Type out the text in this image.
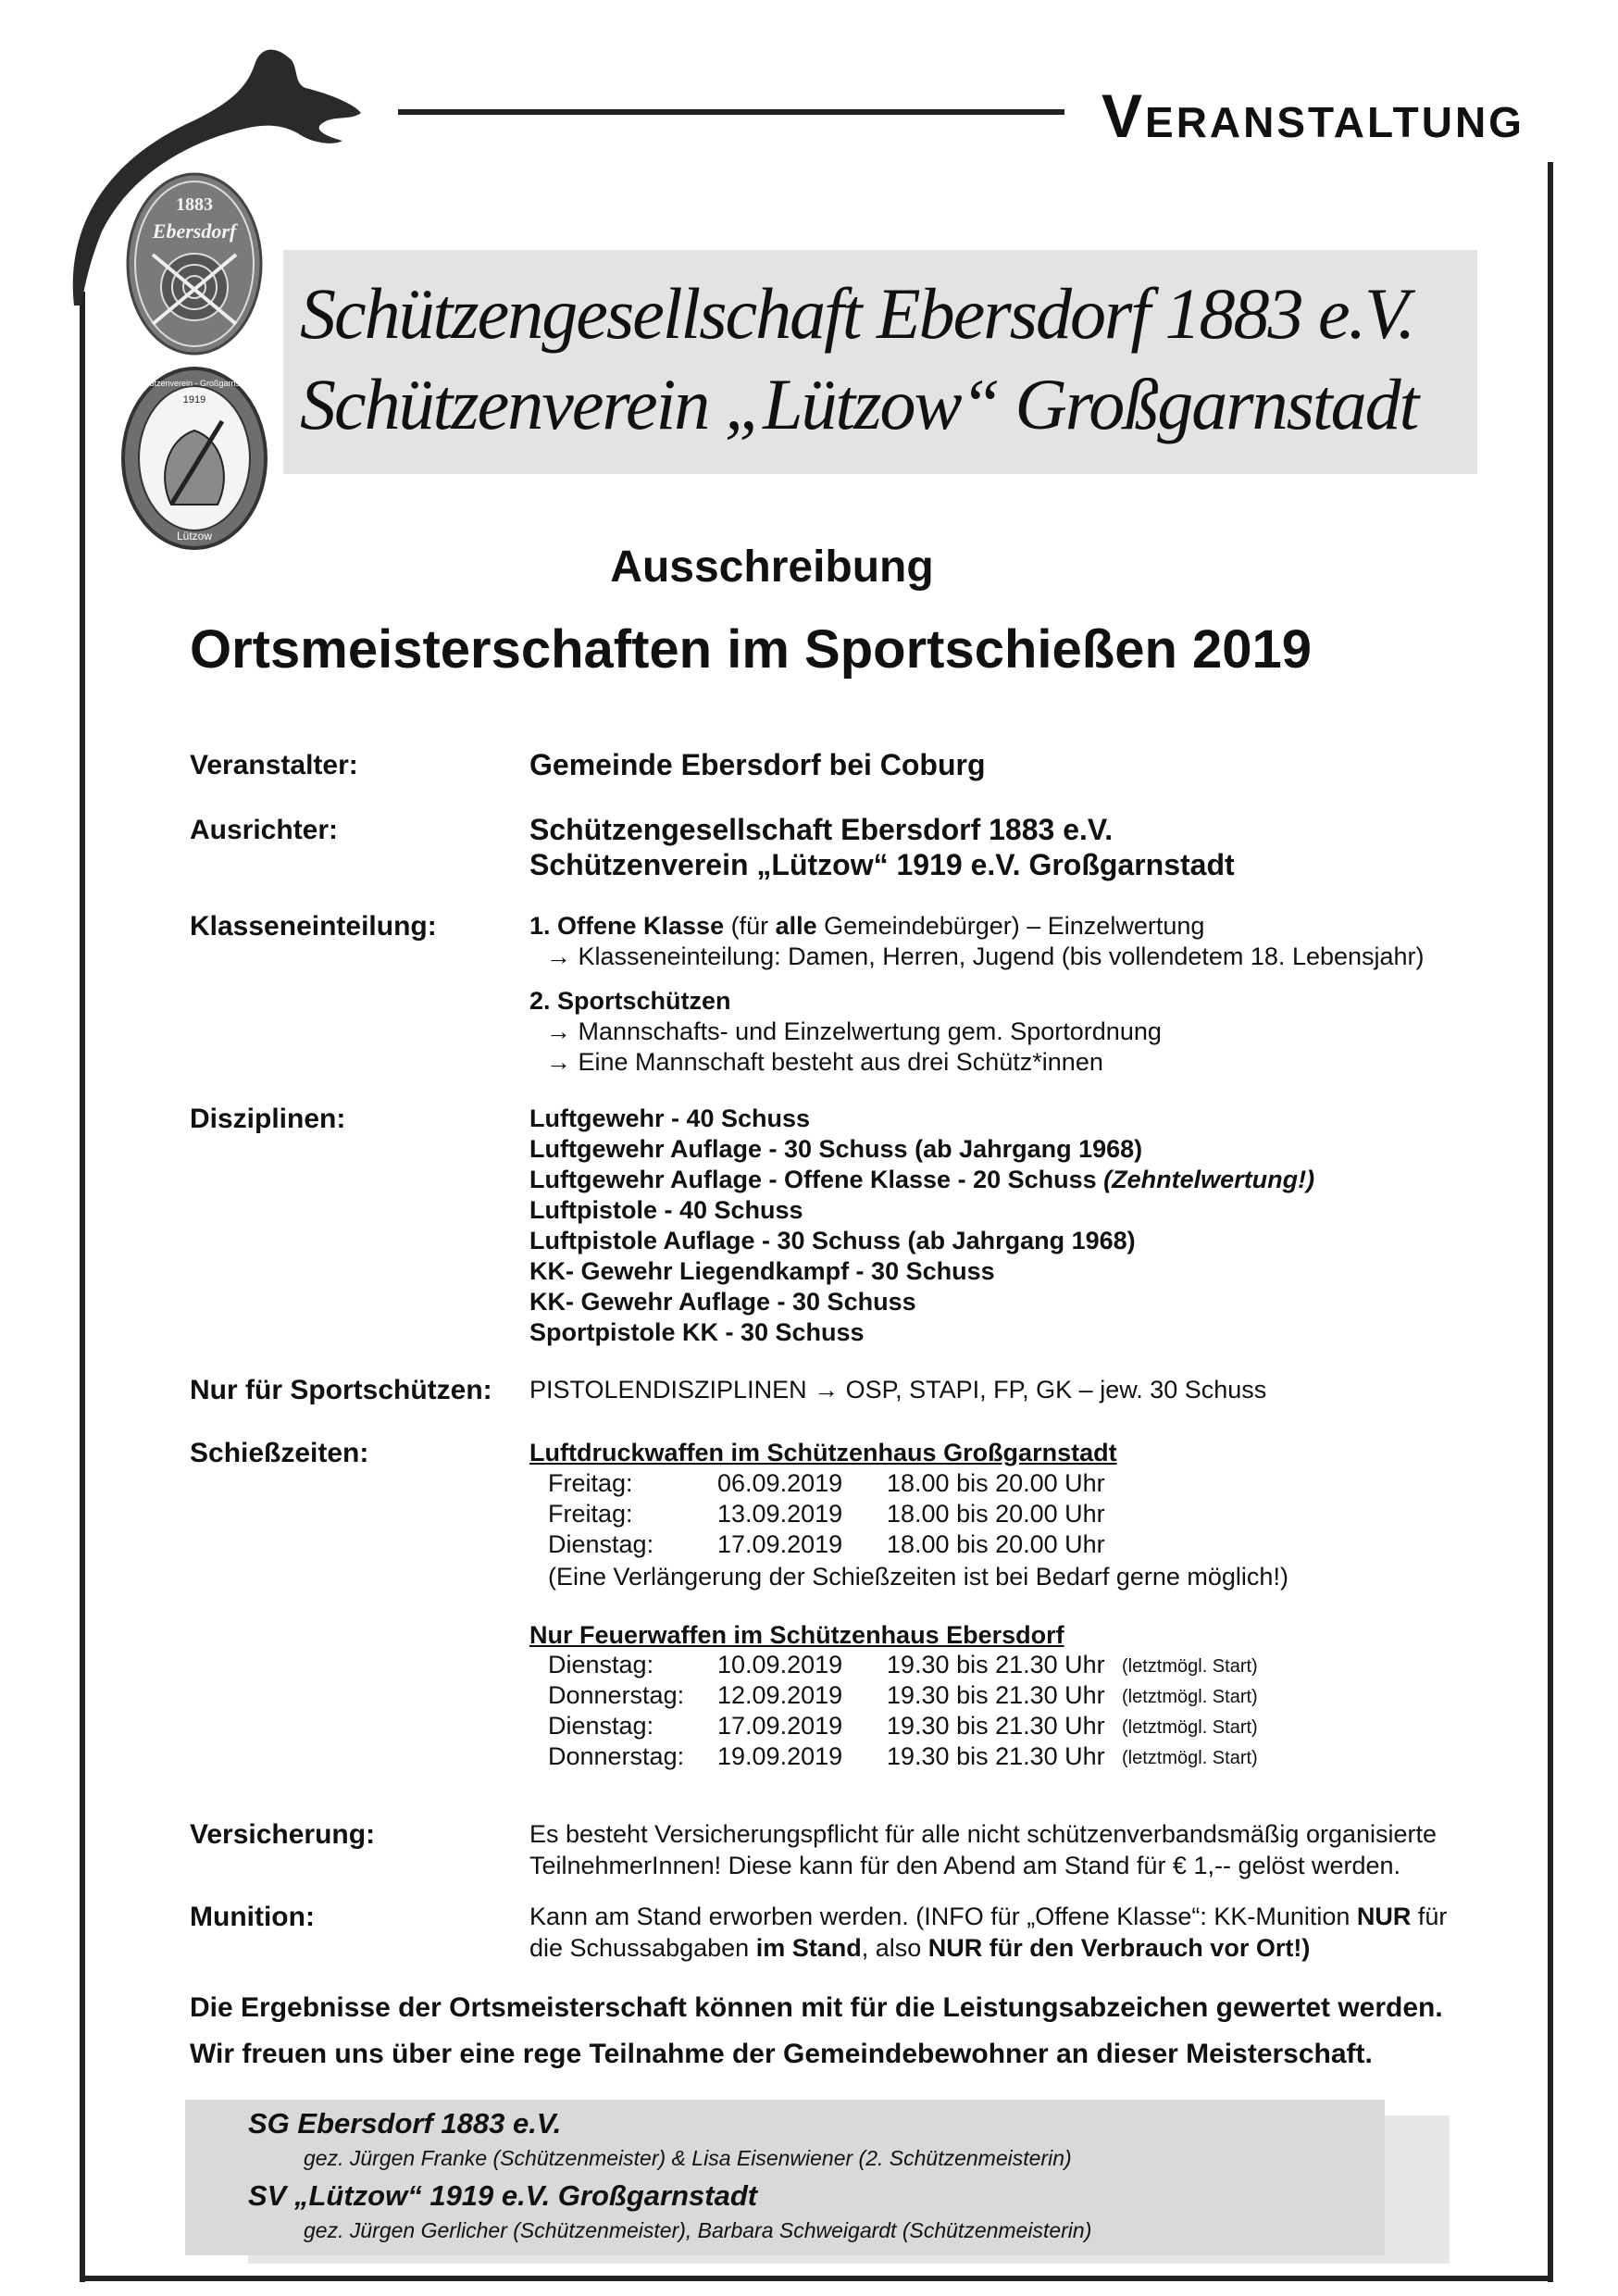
Veranstaltung
1883
Ebersdorf
Schützenverein - Großgarnstadt
1919
Lützow
Schützengesellschaft Ebersdorf 1883 e.V.
Schützenverein „Lützow“ Großgarnstadt
Ausschreibung
Ortsmeisterschaften im Sportschießen 2019
Veranstalter:	Gemeinde Ebersdorf bei Coburg
Ausrichter:	Schützengesellschaft Ebersdorf 1883 e.V.
Schützenverein „Lützow“ 1919 e.V. Großgarnstadt
Klasseneinteilung:	1. Offene Klasse (für alle Gemeindebürger) – Einzelwertung
→ Klasseneinteilung: Damen, Herren, Jugend (bis vollendetem 18. Lebensjahr)
2. Sportschützen
→ Mannschafts- und Einzelwertung gem. Sportordnung
→ Eine Mannschaft besteht aus drei Schütz*innen
Disziplinen:	Luftgewehr - 40 Schuss
Luftgewehr Auflage - 30 Schuss (ab Jahrgang 1968)
Luftgewehr Auflage - Offene Klasse - 20 Schuss (Zehntelwertung!)
Luftpistole - 40 Schuss
Luftpistole Auflage - 30 Schuss (ab Jahrgang 1968)
KK- Gewehr Liegendkampf - 30 Schuss
KK- Gewehr Auflage - 30 Schuss
Sportpistole KK - 30 Schuss
Nur für Sportschützen: PISTOLENDISZIPLINEN → OSP, STAPI, FP, GK – jew. 30 Schuss
Schießzeiten:	Luftdruckwaffen im Schützenhaus Großgarnstadt
Freitag:	06.09.2019 18.00 bis 20.00 Uhr
Freitag:	13.09.2019 18.00 bis 20.00 Uhr
Dienstag:	17.09.2019 18.00 bis 20.00 Uhr
(Eine Verlängerung der Schießzeiten ist bei Bedarf gerne möglich!)
Nur Feuerwaffen im Schützenhaus Ebersdorf
Dienstag:	10.09.2019 19.30 bis 21.30 Uhr (letztmögl. Start)
Donnerstag: 12.09.2019 19.30 bis 21.30 Uhr (letztmögl. Start)
Dienstag:	17.09.2019 19.30 bis 21.30 Uhr (letztmögl. Start)
Donnerstag: 19.09.2019 19.30 bis 21.30 Uhr (letztmögl. Start)
Versicherung:	Es besteht Versicherungspflicht für alle nicht schützenverbandsmäßig organisierte
TeilnehmerInnen! Diese kann für den Abend am Stand für € 1,-- gelöst werden.
Munition:	Kann am Stand erworben werden. (INFO für „Offene Klasse“: KK-Munition NUR für
die Schussabgaben im Stand, also NUR für den Verbrauch vor Ort!)
Die Ergebnisse der Ortsmeisterschaft können mit für die Leistungsabzeichen gewertet werden.
Wir freuen uns über eine rege Teilnahme der Gemeindebewohner an dieser Meisterschaft.
SG Ebersdorf 1883 e.V.
gez. Jürgen Franke (Schützenmeister) & Lisa Eisenwiener (2. Schützenmeisterin)
SV „Lützow“ 1919 e.V. Großgarnstadt
gez. Jürgen Gerlicher (Schützenmeister), Barbara Schweigardt (Schützenmeisterin)
